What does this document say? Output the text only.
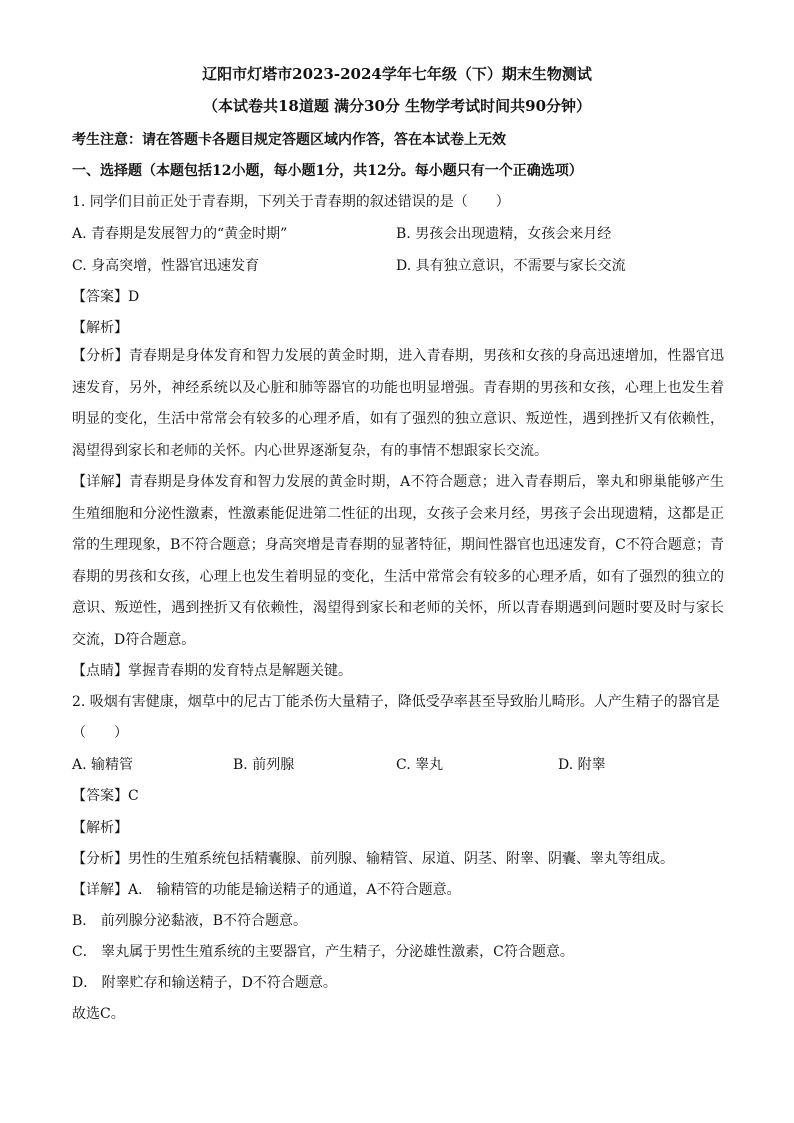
辽阳市灯塔市2023-2024学年七年级（下）期末生物测试
（本试卷共18道题 满分30分 生物学考试时间共90分钟）
考生注意：请在答题卡各题目规定答题区域内作答，答在本试卷上无效
一、选择题（本题包括12小题，每小题1分，共12分。每小题只有一个正确选项）
1. 同学们目前正处于青春期，下列关于青春期的叙述错误的是（　　）
A. 青春期是发展智力的“黄金时期”	B. 男孩会出现遗精，女孩会来月经
C. 身高突增，性器官迅速发育	D. 具有独立意识，不需要与家长交流
【答案】D
【解析】
【分析】青春期是身体发育和智力发展的黄金时期，进入青春期，男孩和女孩的身高迅速增加，性器官迅速发育，另外，神经系统以及心脏和肺等器官的功能也明显增强。青春期的男孩和女孩，心理上也发生着明显的变化，生活中常常会有较多的心理矛盾，如有了强烈的独立意识、叛逆性，遇到挫折又有依赖性，渴望得到家长和老师的关怀。内心世界逐渐复杂，有的事情不想跟家长交流。
【详解】青春期是身体发育和智力发展的黄金时期，A不符合题意；进入青春期后，睾丸和卵巢能够产生生殖细胞和分泌性激素，性激素能促进第二性征的出现，女孩子会来月经，男孩子会出现遗精，这都是正常的生理现象，B不符合题意；身高突增是青春期的显著特征，期间性器官也迅速发育，C不符合题意；青春期的男孩和女孩，心理上也发生着明显的变化，生活中常常会有较多的心理矛盾，如有了强烈的独立的意识、叛逆性，遇到挫折又有依赖性，渴望得到家长和老师的关怀，所以青春期遇到问题时要及时与家长交流，D符合题意。
【点睛】掌握青春期的发育特点是解题关键。
2. 吸烟有害健康，烟草中的尼古丁能杀伤大量精子，降低受孕率甚至导致胎儿畸形。人产生精子的器官是
（　　）
A. 输精管	B. 前列腺	C. 睾丸	D. 附睾
【答案】C
【解析】
【分析】男性的生殖系统包括精囊腺、前列腺、输精管、尿道、阴茎、附睾、阴囊、睾丸等组成。
【详解】A． 输精管的功能是输送精子的通道，A不符合题意。
B． 前列腺分泌黏液，B不符合题意。
C． 睾丸属于男性生殖系统的主要器官，产生精子，分泌雄性激素，C符合题意。
D． 附睾贮存和输送精子，D不符合题意。
故选C。
